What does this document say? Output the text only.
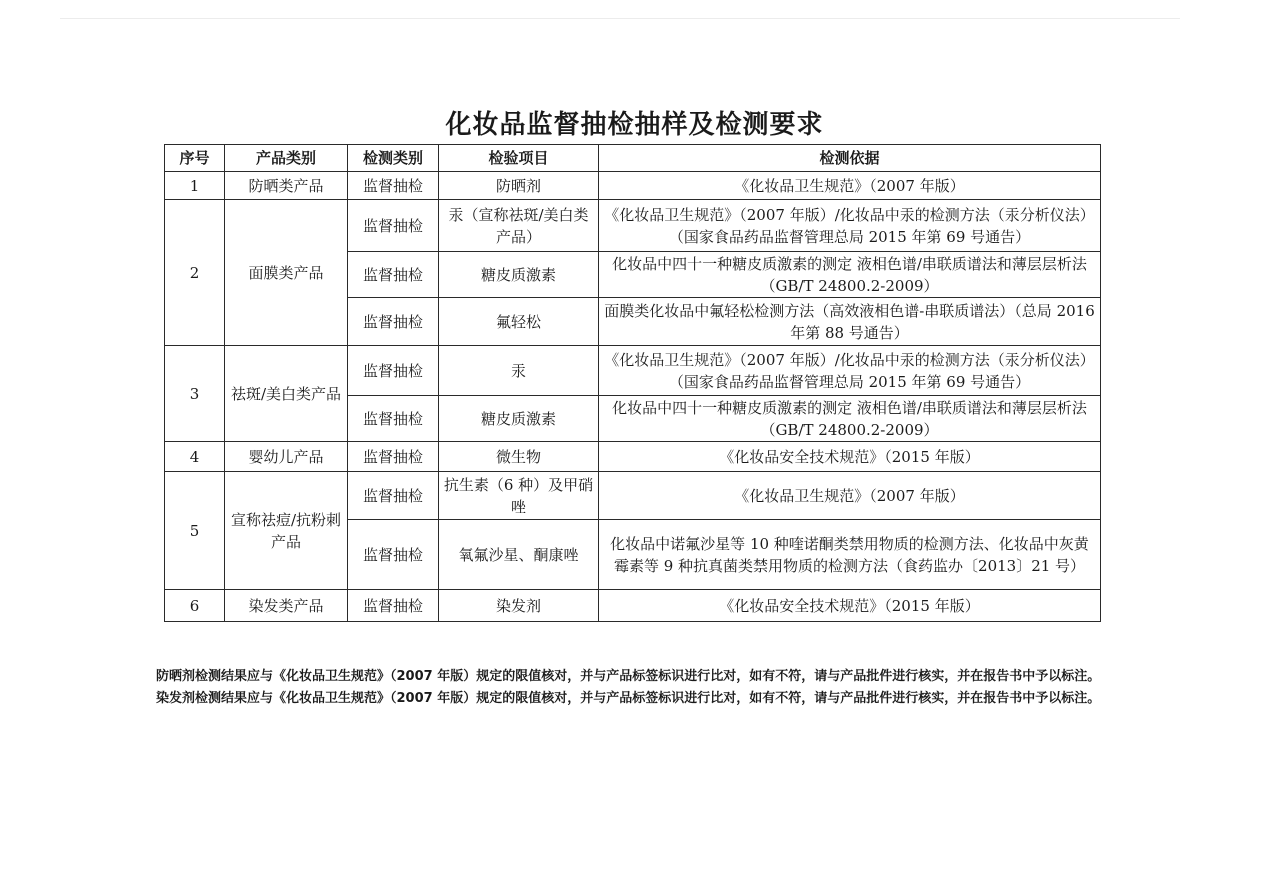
化妆品监督抽检抽样及检测要求
序号	产品类别	检测类别	检验项目	检测依据
1	防晒类产品	监督抽检	防晒剂	《化妆品卫生规范》（2007 年版）
2	面膜类产品	监督抽检	汞（宣称祛斑/美白类产品）	《化妆品卫生规范》（2007 年版）/化妆品中汞的检测方法（汞分析仪法）（国家食品药品监督管理总局 2015 年第 69 号通告）
		监督抽检	糖皮质激素	化妆品中四十一种糖皮质激素的测定 液相色谱/串联质谱法和薄层层析法（GB/T 24800.2-2009）
		监督抽检	氟轻松	面膜类化妆品中氟轻松检测方法（高效液相色谱-串联质谱法）（总局 2016 年第 88 号通告）
3	祛斑/美白类产品	监督抽检	汞	《化妆品卫生规范》（2007 年版）/化妆品中汞的检测方法（汞分析仪法）（国家食品药品监督管理总局 2015 年第 69 号通告）
		监督抽检	糖皮质激素	化妆品中四十一种糖皮质激素的测定 液相色谱/串联质谱法和薄层层析法（GB/T 24800.2-2009）
4	婴幼儿产品	监督抽检	微生物	《化妆品安全技术规范》（2015 年版）
5	宣称祛痘/抗粉刺产品	监督抽检	抗生素（6 种）及甲硝唑	《化妆品卫生规范》（2007 年版）
		监督抽检	氧氟沙星、酮康唑	化妆品中诺氟沙星等 10 种喹诺酮类禁用物质的检测方法、化妆品中灰黄霉素等 9 种抗真菌类禁用物质的检测方法（食药监办〔2013〕21 号）
6	染发类产品	监督抽检	染发剂	《化妆品安全技术规范》（2015 年版）

防晒剂检测结果应与《化妆品卫生规范》（2007 年版）规定的限值核对，并与产品标签标识进行比对，如有不符，请与产品批件进行核实，并在报告书中予以标注。

染发剂检测结果应与《化妆品卫生规范》（2007 年版）规定的限值核对，并与产品标签标识进行比对，如有不符，请与产品批件进行核实，并在报告书中予以标注。
